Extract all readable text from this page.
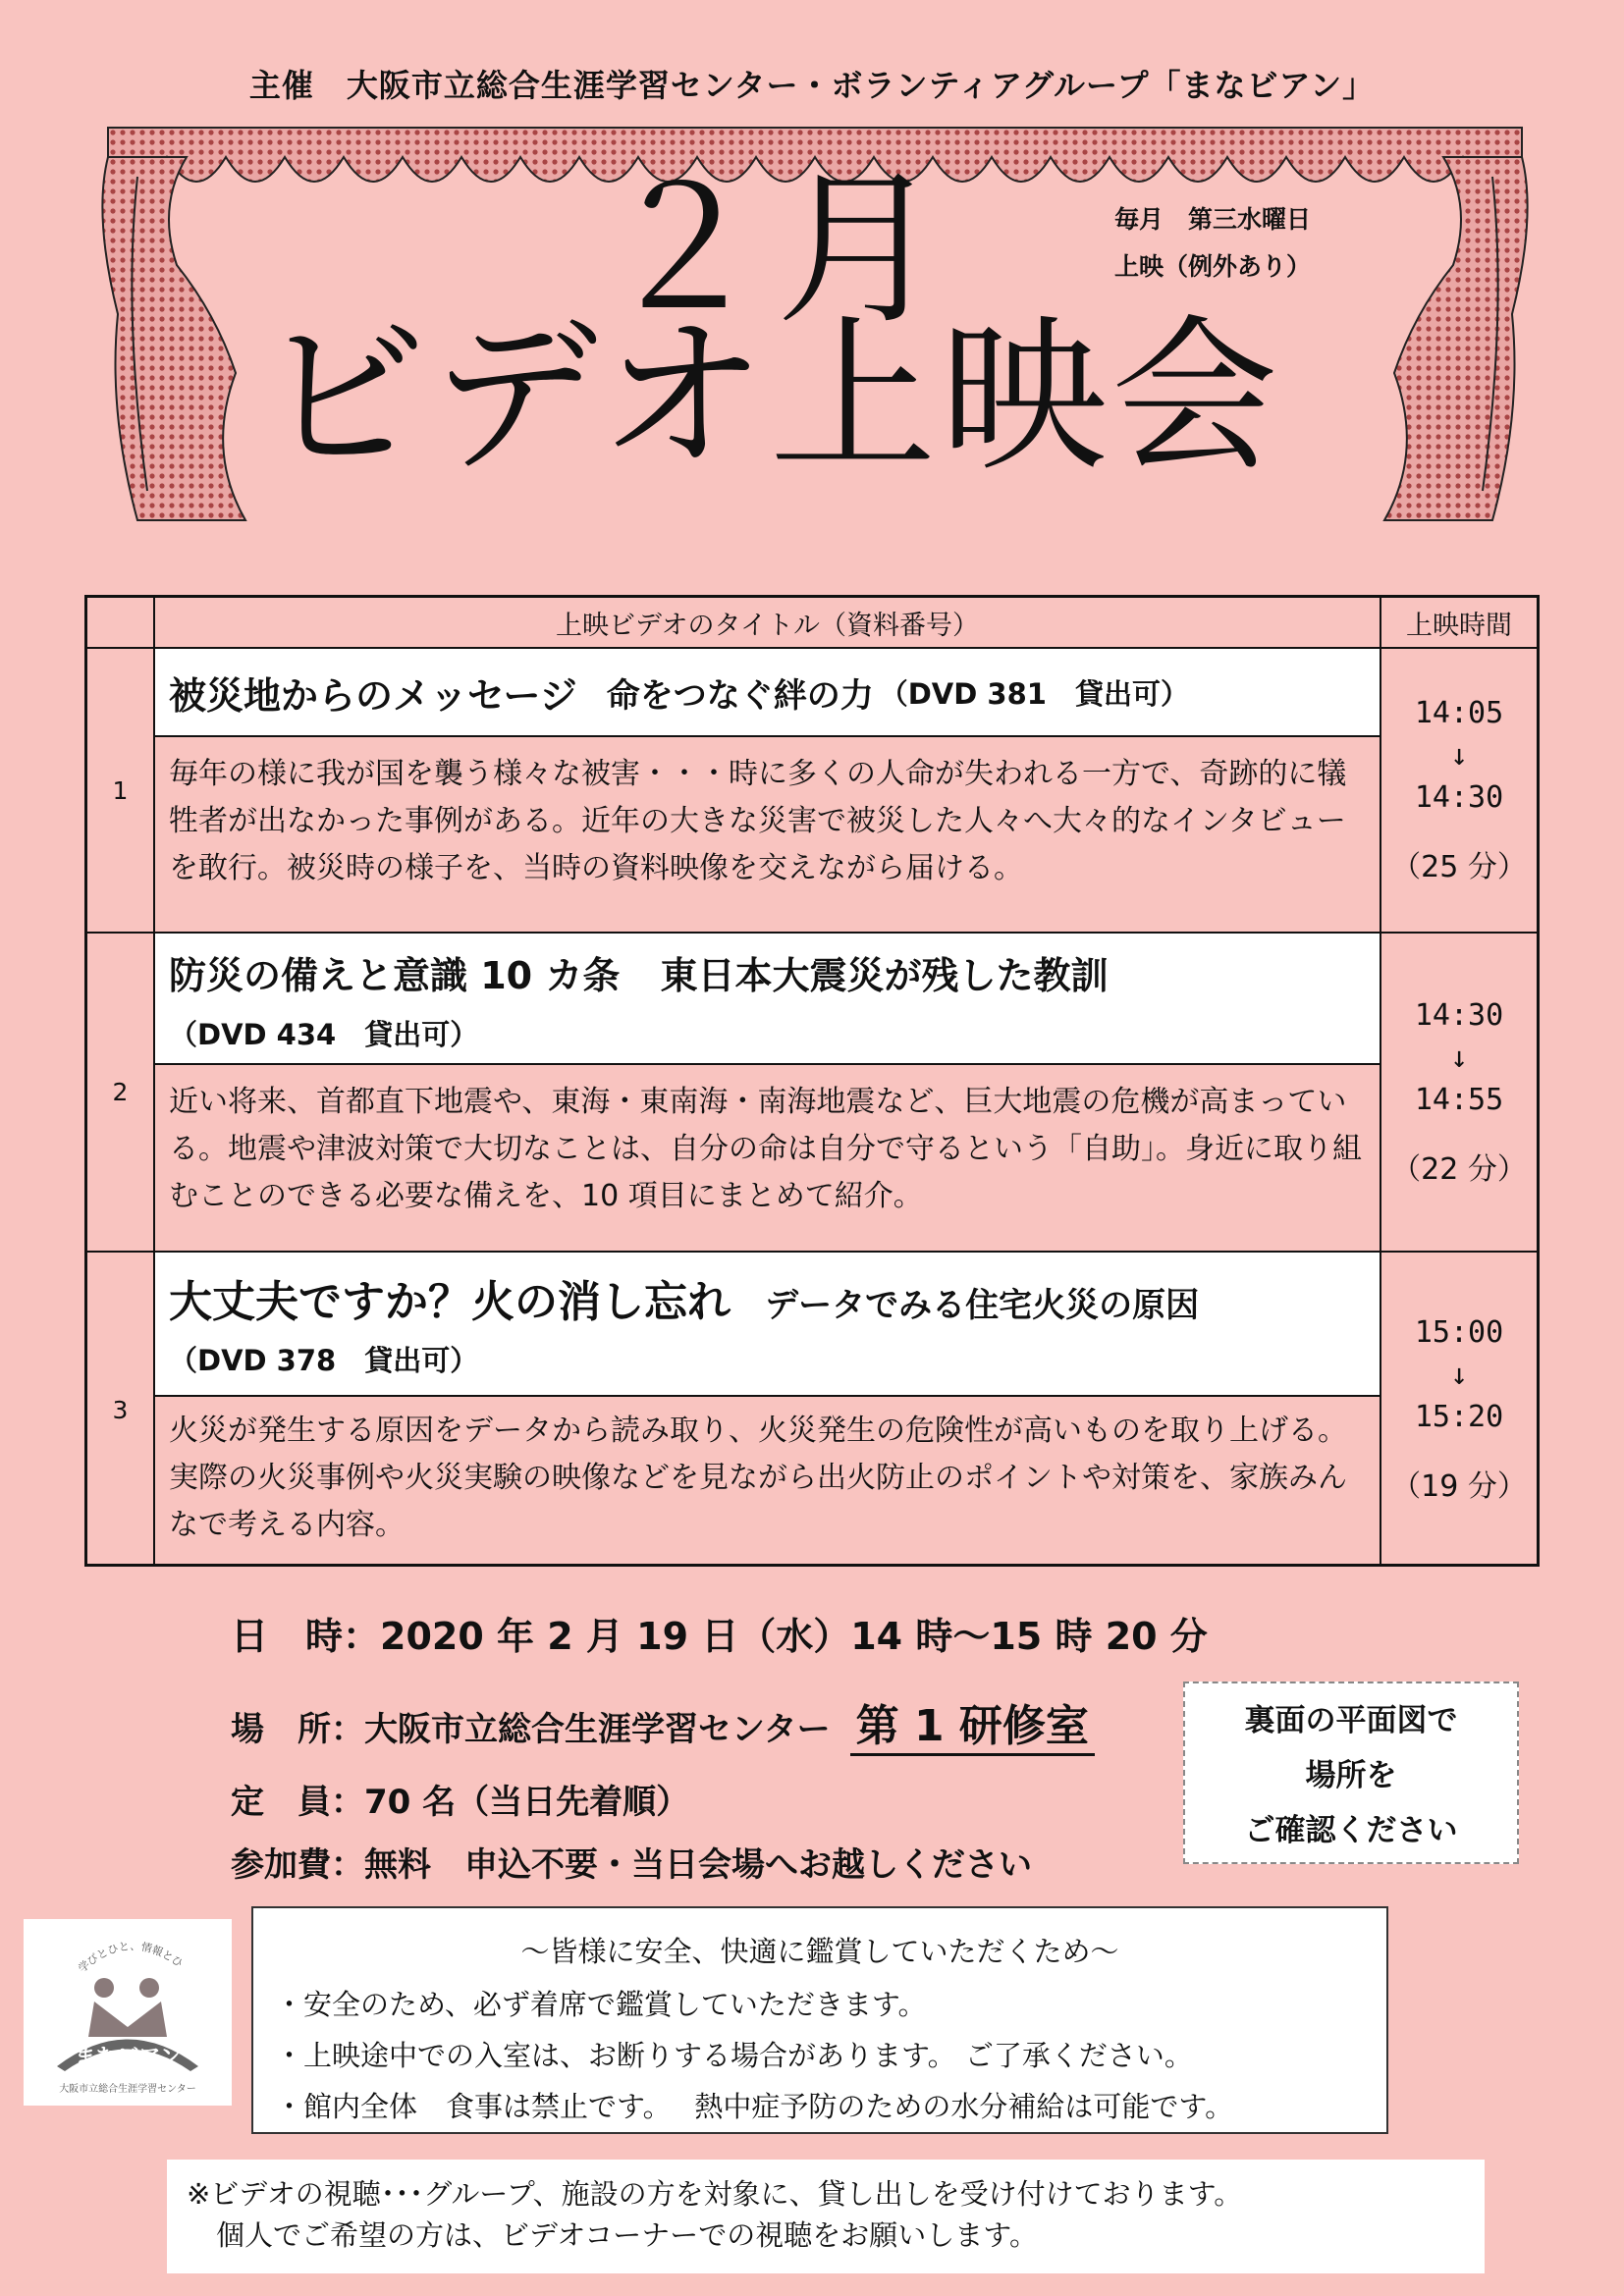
主催　大阪市立総合生涯学習センター・ボランティアグループ「まなビアン」
２月	毎月　第三水曜日
上映（例外あり）
ビデオ上映会
上映ビデオのタイトル（資料番号）	上映時間
1
被災地からのメッセージ 命をつなぐ絆の力 （DVD 381　貸出可）
毎年の様に我が国を襲う様々な被害・・・時に多くの人命が失われる一方で、奇跡的に犠牲者が出なかった事例がある。近年の大きな災害で被災した人々へ大々的なインタビューを敢行。被災時の様子を、当時の資料映像を交えながら届ける。
14:05
↓
14:30
（25 分）
2
防災の備えと意識 10 カ条 東日本大震災が残した教訓
（DVD 434　貸出可）
近い将来、首都直下地震や、東海・東南海・南海地震など、巨大地震の危機が高まっている。地震や津波対策で大切なことは、自分の命は自分で守るという「自助」。身近に取り組むことのできる必要な備えを、10 項目にまとめて紹介。
14:30
↓
14:55
（22 分）
3
大丈夫ですか？火の消し忘れ データでみる住宅火災の原因
（DVD 378　貸出可）
火災が発生する原因をデータから読み取り、火災発生の危険性が高いものを取り上げる。実際の火災事例や火災実験の映像などを見ながら出火防止のポイントや対策を、家族みんなで考える内容。
15:00
↓
15:20
（19 分）
日　時：2020 年 2 月 19 日（水）14 時～15 時 20 分
場　所：大阪市立総合生涯学習センター 第 1 研修室
定　員：70 名（当日先着順）
参加費：無料　申込不要・当日会場へお越しください
裏面の平面図で
場所を
ご確認ください
学びとひと、情報とひ
まなビアン
大阪市立総合生涯学習センター
～皆様に安全、快適に鑑賞していただくため～
・安全のため、必ず着席で鑑賞していただきます。
・上映途中での入室は、お断りする場合があります。 ご了承ください。
・館内全体　食事は禁止です。　 熱中症予防のための水分補給は可能です。
※ビデオの視聴･･･グループ、施設の方を対象に、貸し出しを受け付けております。
個人でご希望の方は、ビデオコーナーでの視聴をお願いします。
